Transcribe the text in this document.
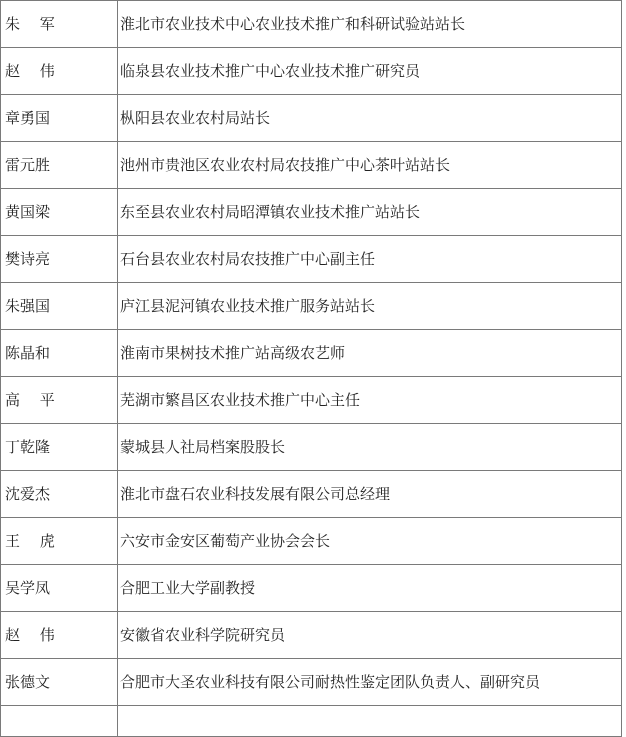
朱　 军	淮北市农业技术中心农业技术推广和科研试验站站长
赵　 伟	临泉县农业技术推广中心农业技术推广研究员
章勇国	枞阳县农业农村局站长
雷元胜	池州市贵池区农业农村局农技推广中心茶叶站站长
黄国梁	东至县农业农村局昭潭镇农业技术推广站站长
樊诗亮	石台县农业农村局农技推广中心副主任
朱强国	庐江县泥河镇农业技术推广服务站站长
陈晶和	淮南市果树技术推广站高级农艺师
高　 平	芜湖市繁昌区农业技术推广中心主任
丁乾隆	蒙城县人社局档案股股长
沈爱杰	淮北市盘石农业科技发展有限公司总经理
王　 虎	六安市金安区葡萄产业协会会长
吴学凤	合肥工业大学副教授
赵　 伟	安徽省农业科学院研究员
张德文	合肥市大圣农业科技有限公司耐热性鉴定团队负责人、副研究员
